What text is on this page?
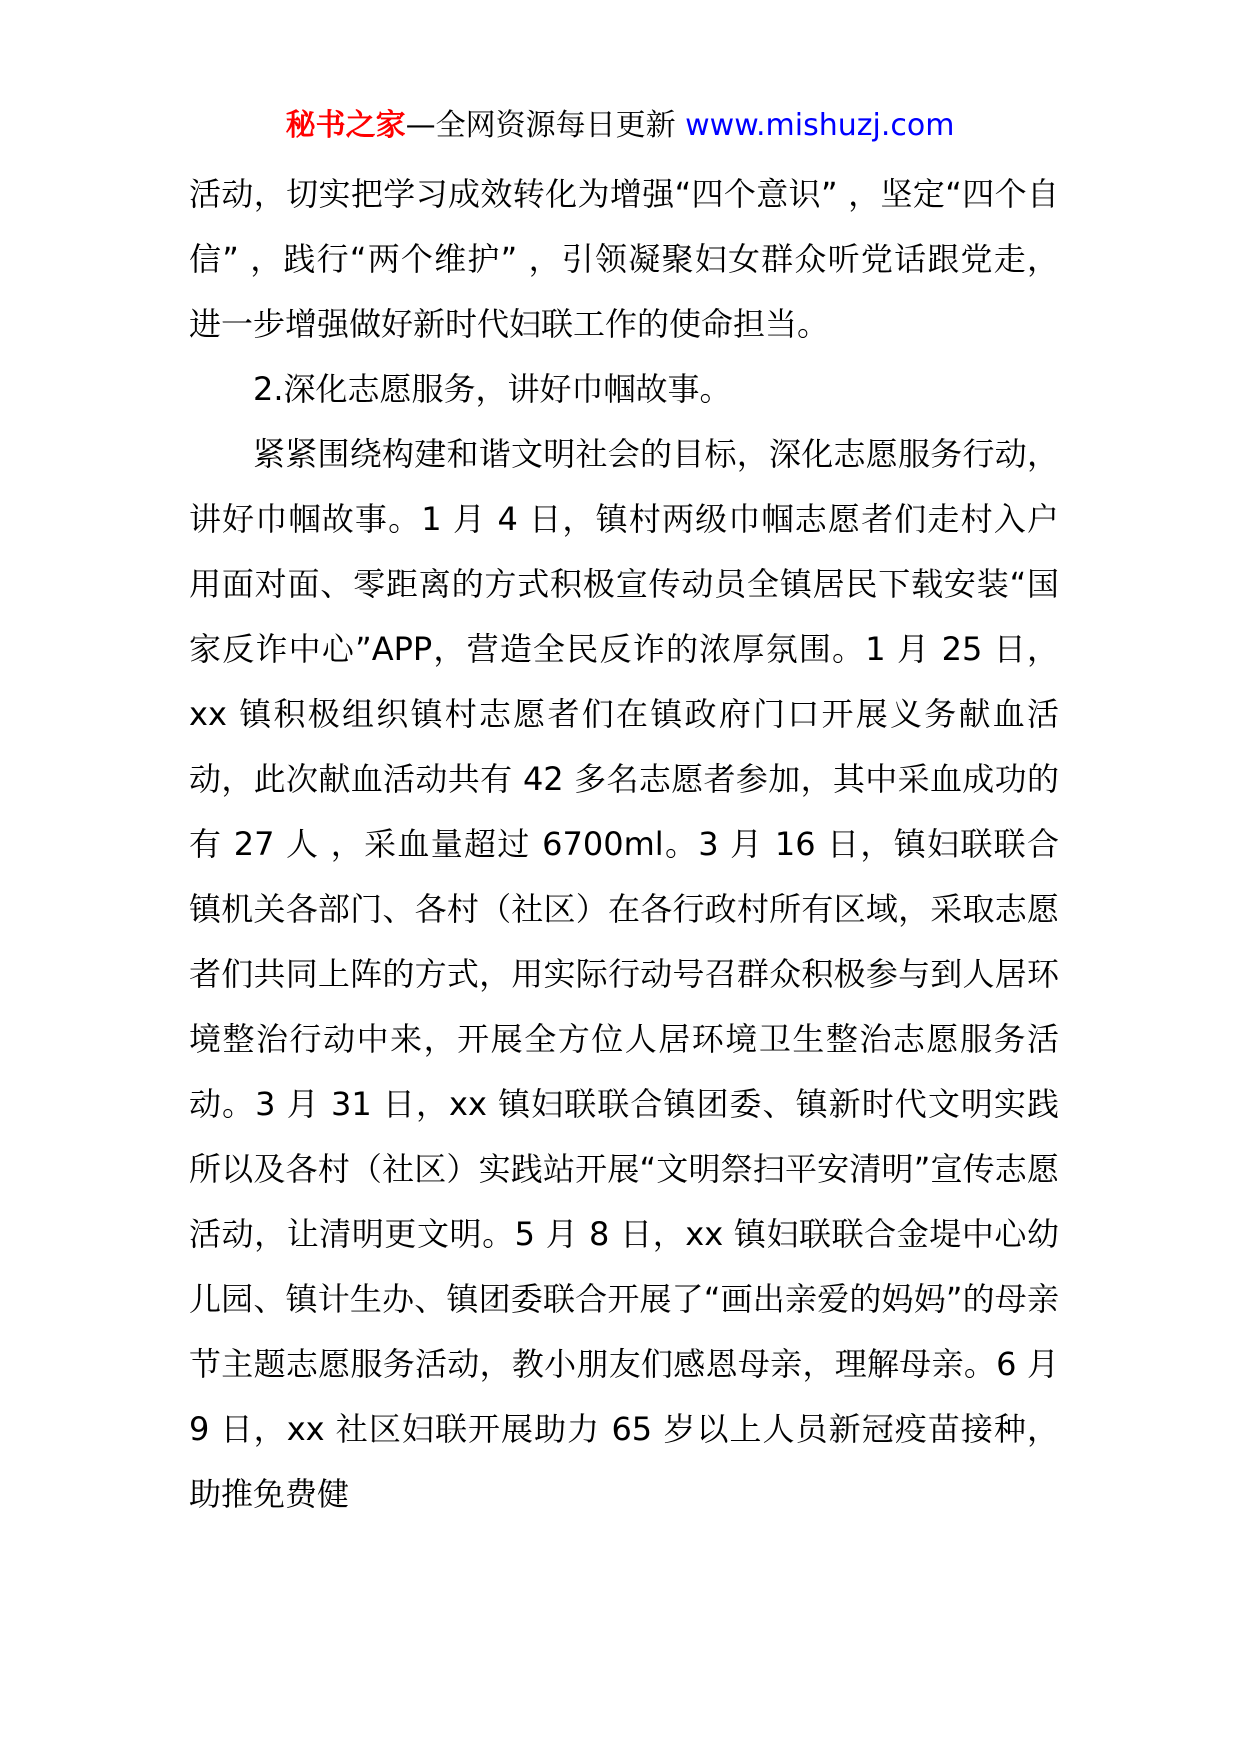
秘书之家—全网资源每日更新 www.mishuzj.com

活动，切实把学习成效转化为增强“四个意识” ，坚定“四个自信” ，践行“两个维护” ，引领凝聚妇女群众听党话跟党走，进一步增强做好新时代妇联工作的使命担当。

2.深化志愿服务，讲好巾帼故事。

紧紧围绕构建和谐文明社会的目标，深化志愿服务行动，讲好巾帼故事。1 月 4 日，镇村两级巾帼志愿者们走村入户用面对面、零距离的方式积极宣传动员全镇居民下载安装“国家反诈中心”APP，营造全民反诈的浓厚氛围。1 月 25 日，xx 镇积极组织镇村志愿者们在镇政府门口开展义务献血活动，此次献血活动共有 42 多名志愿者参加，其中采血成功的有 27 人 ，采血量超过 6700ml。3 月 16 日，镇妇联联合镇机关各部门、各村（社区）在各行政村所有区域，采取志愿者们共同上阵的方式，用实际行动号召群众积极参与到人居环境整治行动中来，开展全方位人居环境卫生整治志愿服务活动。3 月 31 日，xx 镇妇联联合镇团委、镇新时代文明实践所以及各村（社区）实践站开展“文明祭扫平安清明”宣传志愿活动，让清明更文明。5 月 8 日，xx 镇妇联联合金堤中心幼儿园、镇计生办、镇团委联合开展了“画出亲爱的妈妈”的母亲节主题志愿服务活动，教小朋友们感恩母亲，理解母亲。6 月 9 日，xx 社区妇联开展助力 65 岁以上人员新冠疫苗接种，助推免费健
